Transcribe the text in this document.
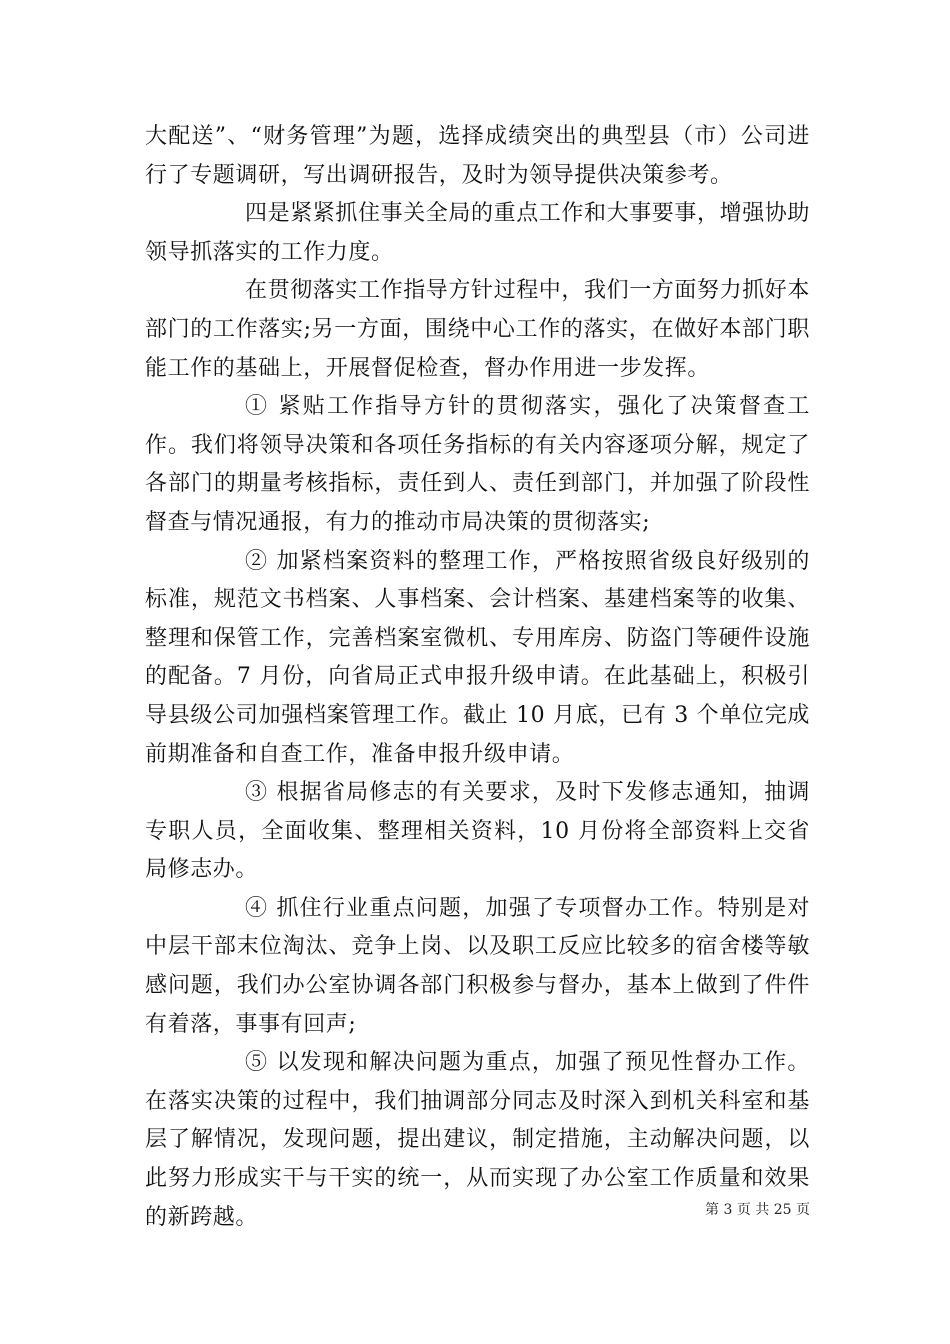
大配送”、“财务管理”为题，选择成绩突出的典型县（市）公司进行了专题调研，写出调研报告，及时为领导提供决策参考。

四是紧紧抓住事关全局的重点工作和大事要事，增强协助领导抓落实的工作力度。

在贯彻落实工作指导方针过程中，我们一方面努力抓好本部门的工作落实;另一方面，围绕中心工作的落实，在做好本部门职能工作的基础上，开展督促检查，督办作用进一步发挥。

① 紧贴工作指导方针的贯彻落实，强化了决策督查工作。我们将领导决策和各项任务指标的有关内容逐项分解，规定了各部门的期量考核指标，责任到人、责任到部门，并加强了阶段性督查与情况通报，有力的推动市局决策的贯彻落实;

② 加紧档案资料的整理工作，严格按照省级良好级别的标准，规范文书档案、人事档案、会计档案、基建档案等的收集、整理和保管工作，完善档案室微机、专用库房、防盗门等硬件设施的配备。7 月份，向省局正式申报升级申请。在此基础上，积极引导县级公司加强档案管理工作。截止 10 月底，已有 3 个单位完成前期准备和自查工作，准备申报升级申请。

③ 根据省局修志的有关要求，及时下发修志通知，抽调专职人员，全面收集、整理相关资料，10 月份将全部资料上交省局修志办。

④ 抓住行业重点问题，加强了专项督办工作。特别是对中层干部末位淘汰、竞争上岗、以及职工反应比较多的宿舍楼等敏感问题，我们办公室协调各部门积极参与督办，基本上做到了件件有着落，事事有回声;

⑤ 以发现和解决问题为重点，加强了预见性督办工作。在落实决策的过程中，我们抽调部分同志及时深入到机关科室和基层了解情况，发现问题，提出建议，制定措施，主动解决问题，以此努力形成实干与干实的统一，从而实现了办公室工作质量和效果的新跨越。	第 3 页 共 25 页
